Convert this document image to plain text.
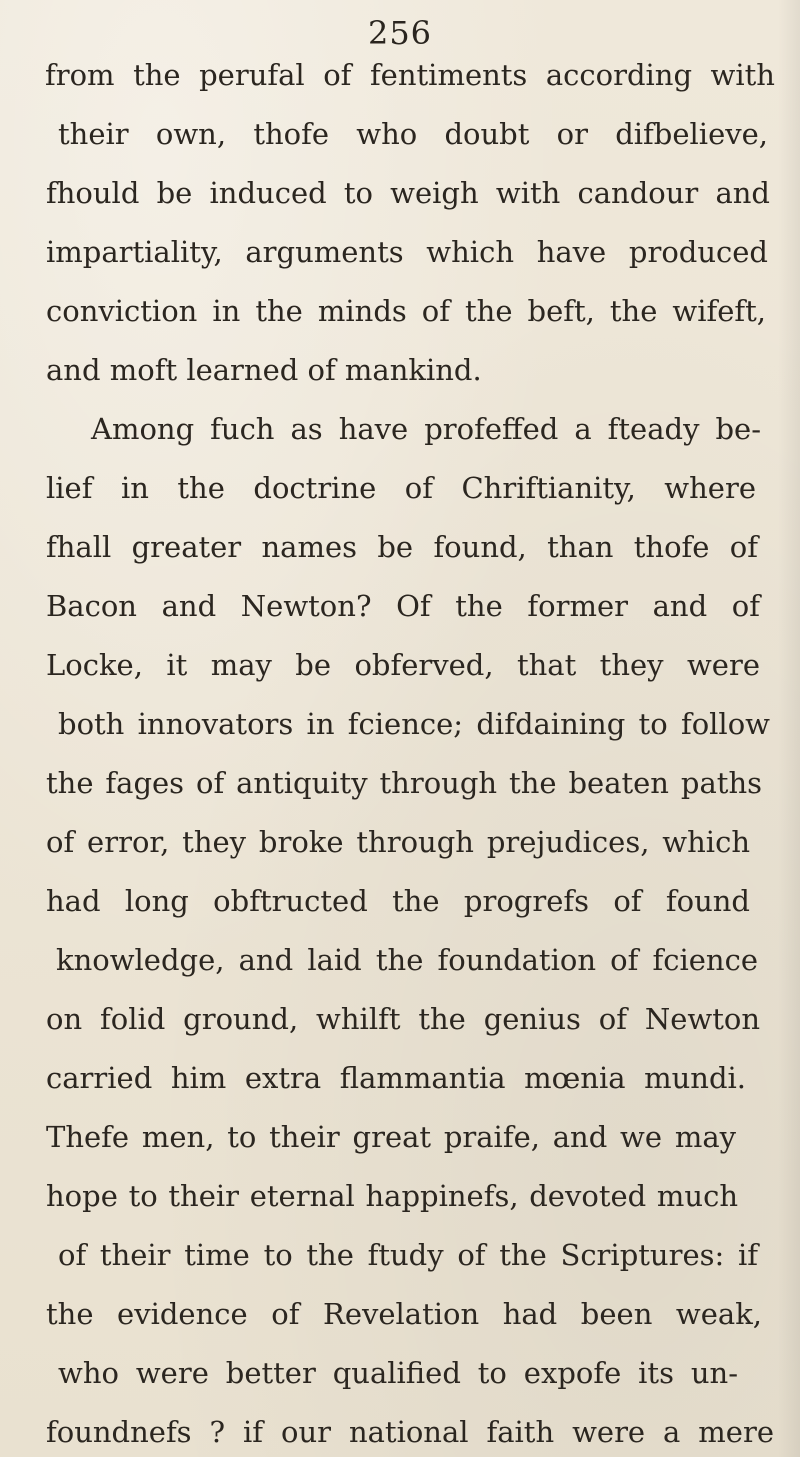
256
from the perufal of fentiments according with
their own, thofe who doubt or difbelieve,
fhould be induced to weigh with candour and
impartiality, arguments which have produced
conviction in the minds of the beft, the wifeft,
and moft learned of mankind.
Among fuch as have profeffed a fteady be-
lief in the doctrine of Chriftianity, where
fhall greater names be found, than thofe of
Bacon and Newton? Of the former and of
Locke, it may be obferved, that they were
both innovators in fcience; difdaining to follow
the fages of antiquity through the beaten paths
of error, they broke through prejudices, which
had long obftructed the progrefs of found
knowledge, and laid the foundation of fcience
on folid ground, whilft the genius of Newton
carried him extra flammantia mœnia mundi.
Thefe men, to their great praife, and we may
hope to their eternal happinefs, devoted much
of their time to the ftudy of the Scriptures: if
the evidence of Revelation had been weak,
who were better qualified to expofe its un-
foundnefs ? if our national faith were a mere
